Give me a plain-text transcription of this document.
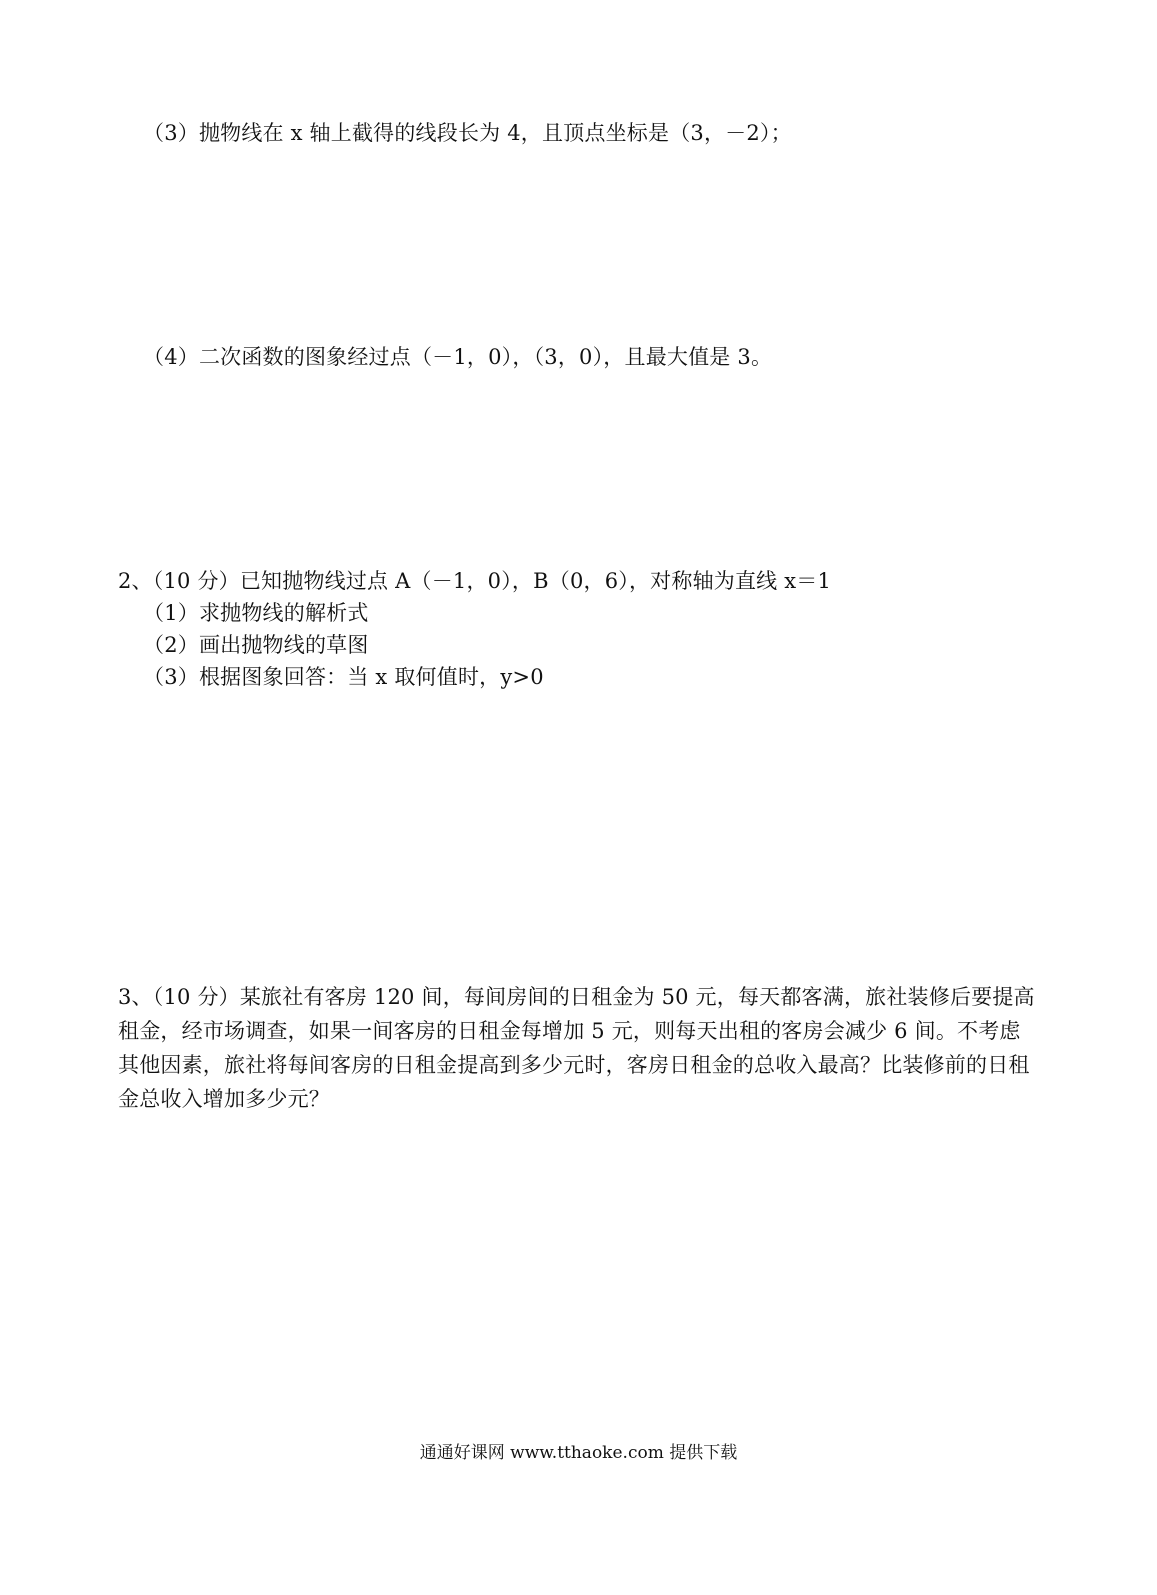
（3）抛物线在 x 轴上截得的线段长为 4，且顶点坐标是（3，－2）；
（4）二次函数的图象经过点（－1，0），（3，0），且最大值是 3。
2、（10 分）已知抛物线过点 A（－1，0），B（0，6），对称轴为直线 x＝1
（1）求抛物线的解析式
（2）画出抛物线的草图
（3）根据图象回答：当 x 取何值时，y>0
3、（10 分）某旅社有客房 120 间，每间房间的日租金为 50 元，每天都客满，旅社装修后要提高租金，经市场调查，如果一间客房的日租金每增加 5 元，则每天出租的客房会减少 6 间。不考虑其他因素，旅社将每间客房的日租金提高到多少元时，客房日租金的总收入最高？比装修前的日租金总收入增加多少元？
通通好课网 www.tthaoke.com 提供下载
